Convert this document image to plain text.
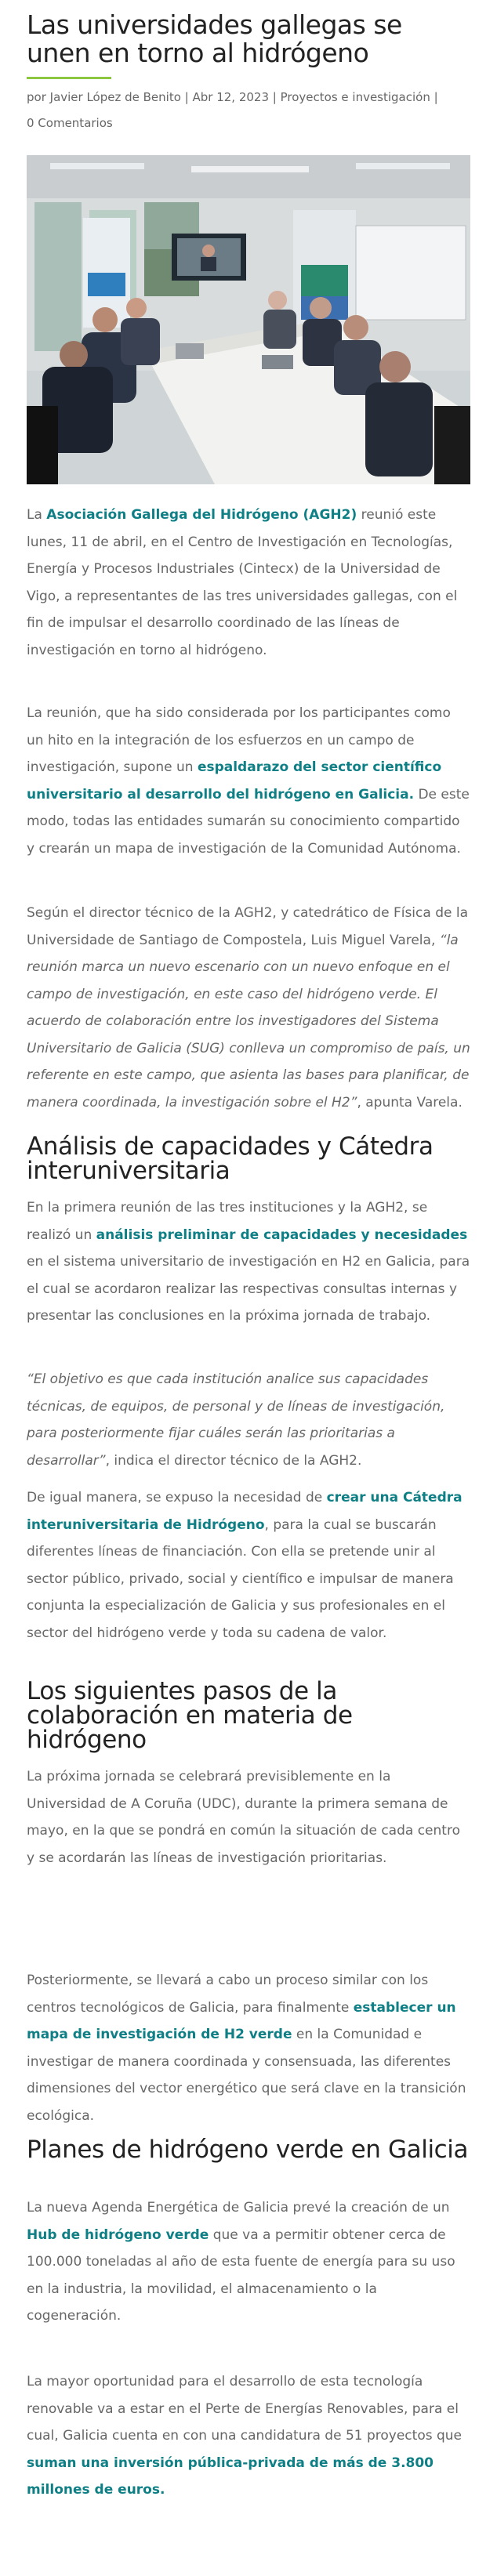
Las universidades gallegas se unen en torno al hidrógeno
por Javier López de Benito | Abr 12, 2023 | Proyectos e investigación |
0 Comentarios

La Asociación Gallega del Hidrógeno (AGH2) reunió este lunes, 11 de abril, en el Centro de Investigación en Tecnologías, Energía y Procesos Industriales (Cintecx) de la Universidad de Vigo, a representantes de las tres universidades gallegas, con el fin de impulsar el desarrollo coordinado de las líneas de investigación en torno al hidrógeno.

La reunión, que ha sido considerada por los participantes como un hito en la integración de los esfuerzos en un campo de investigación, supone un espaldarazo del sector científico universitario al desarrollo del hidrógeno en Galicia. De este modo, todas las entidades sumarán su conocimiento compartido y crearán un mapa de investigación de la Comunidad Autónoma.

Según el director técnico de la AGH2, y catedrático de Física de la Universidade de Santiago de Compostela, Luis Miguel Varela, “la reunión marca un nuevo escenario con un nuevo enfoque en el campo de investigación, en este caso del hidrógeno verde. El acuerdo de colaboración entre los investigadores del Sistema Universitario de Galicia (SUG) conlleva un compromiso de país, un referente en este campo, que asienta las bases para planificar, de manera coordinada, la investigación sobre el H2”, apunta Varela.

Análisis de capacidades y Cátedra interuniversitaria

En la primera reunión de las tres instituciones y la AGH2, se realizó un análisis preliminar de capacidades y necesidades en el sistema universitario de investigación en H2 en Galicia, para el cual se acordaron realizar las respectivas consultas internas y presentar las conclusiones en la próxima jornada de trabajo.

“El objetivo es que cada institución analice sus capacidades técnicas, de equipos, de personal y de líneas de investigación, para posteriormente fijar cuáles serán las prioritarias a desarrollar”, indica el director técnico de la AGH2.

De igual manera, se expuso la necesidad de crear una Cátedra interuniversitaria de Hidrógeno, para la cual se buscarán diferentes líneas de financiación. Con ella se pretende unir al sector público, privado, social y científico e impulsar de manera conjunta la especialización de Galicia y sus profesionales en el sector del hidrógeno verde y toda su cadena de valor.

Los siguientes pasos de la colaboración en materia de hidrógeno

La próxima jornada se celebrará previsiblemente en la Universidad de A Coruña (UDC), durante la primera semana de mayo, en la que se pondrá en común la situación de cada centro y se acordarán las líneas de investigación prioritarias.

Posteriormente, se llevará a cabo un proceso similar con los centros tecnológicos de Galicia, para finalmente establecer un mapa de investigación de H2 verde en la Comunidad e investigar de manera coordinada y consensuada, las diferentes dimensiones del vector energético que será clave en la transición ecológica.

Planes de hidrógeno verde en Galicia

La nueva Agenda Energética de Galicia prevé la creación de un Hub de hidrógeno verde que va a permitir obtener cerca de 100.000 toneladas al año de esta fuente de energía para su uso en la industria, la movilidad, el almacenamiento o la cogeneración.

La mayor oportunidad para el desarrollo de esta tecnología renovable va a estar en el Perte de Energías Renovables, para el cual, Galicia cuenta en con una candidatura de 51 proyectos que suman una inversión pública-privada de más de 3.800 millones de euros.
